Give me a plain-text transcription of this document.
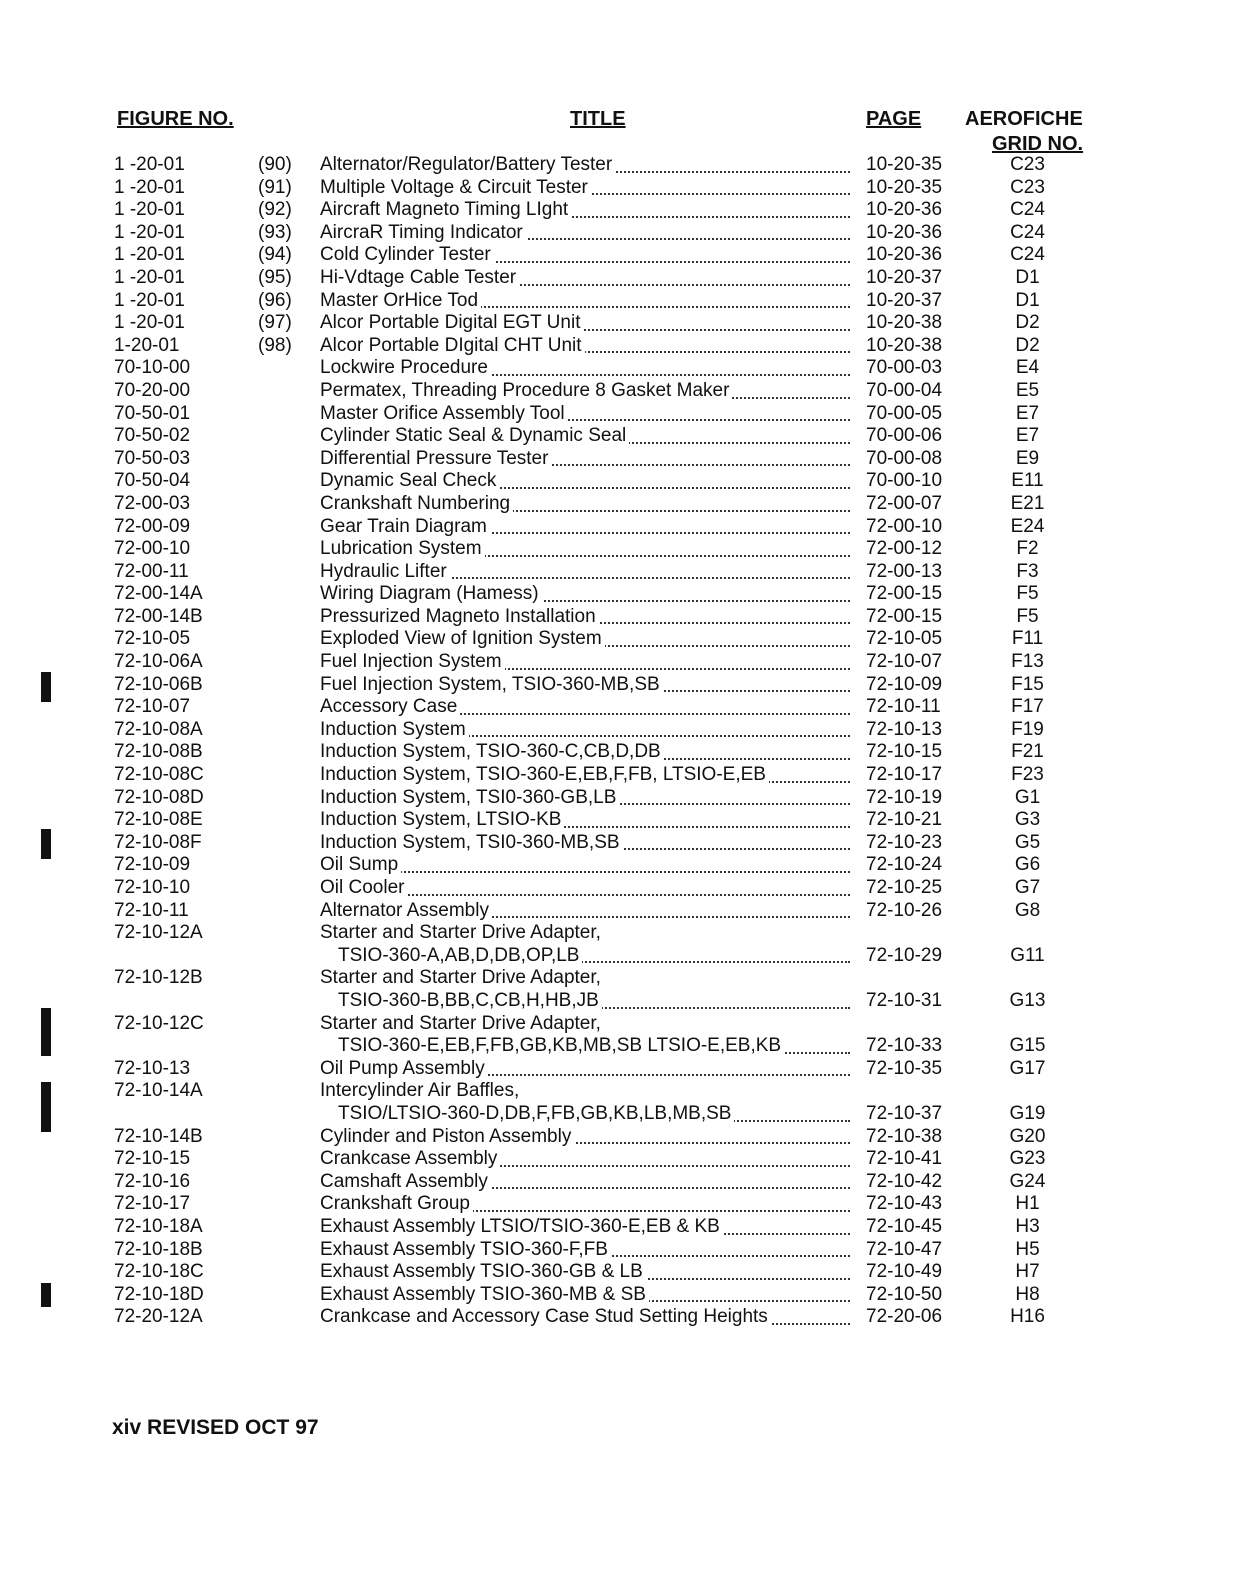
FIGURE NO.	TITLE	PAGE AEROFICHE
GRID NO.
1 -20-01	(90) Alternator/Regulator/Battery Tester	10-20-35	C23
1 -20-01	(91) Multiple Voltage & Circuit Tester	10-20-35	C23
1 -20-01	(92) Aircraft Magneto Timing LIght	10-20-36	C24
1 -20-01	(93) AircraR Timing Indicator	10-20-36	C24
1 -20-01	(94) Cold Cylinder Tester	10-20-36	C24
1 -20-01	(95) Hi-Vdtage Cable Tester	10-20-37	D1
1 -20-01	(96) Master OrHice Tod	10-20-37	D1
1 -20-01	(97) Alcor Portable Digital EGT Unit	10-20-38	D2
1-20-01	(98) Alcor Portable DIgital CHT Unit	10-20-38	D2
70-10-00	Lockwire Procedure	70-00-03	E4
70-20-00	Permatex, Threading Procedure 8 Gasket Maker	70-00-04	E5
70-50-01	Master Orifice Assembly Tool	70-00-05	E7
70-50-02	Cylinder Static Seal & Dynamic Seal	70-00-06	E7
70-50-03	Differential Pressure Tester	70-00-08	E9
70-50-04	Dynamic Seal Check	70-00-10	E11
72-00-03	Crankshaft Numbering	72-00-07	E21
72-00-09	Gear Train Diagram	72-00-10	E24
72-00-10	Lubrication System	72-00-12	F2
72-00-11	Hydraulic Lifter	72-00-13	F3
72-00-14A	Wiring Diagram (Hamess)	72-00-15	F5
72-00-14B	Pressurized Magneto Installation	72-00-15	F5
72-10-05	Exploded View of Ignition System	72-10-05	F11
72-10-06A	Fuel Injection System	72-10-07	F13
72-10-06B	Fuel Injection System, TSIO-360-MB,SB	72-10-09	F15
72-10-07	Accessory Case	72-10-11	F17
72-10-08A	Induction System	72-10-13	F19
72-10-08B	Induction System, TSIO-360-C,CB,D,DB	72-10-15	F21
72-10-08C	Induction System, TSIO-360-E,EB,F,FB, LTSIO-E,EB	72-10-17	F23
72-10-08D	Induction System, TSI0-360-GB,LB	72-10-19	G1
72-10-08E	Induction System, LTSIO-KB	72-10-21	G3
72-10-08F	Induction System, TSI0-360-MB,SB	72-10-23	G5
72-10-09	Oil Sump	72-10-24	G6
72-10-10	Oil Cooler	72-10-25	G7
72-10-11	Alternator Assembly	72-10-26	G8
72-10-12A	Starter and Starter Drive Adapter,
TSIO-360-A,AB,D,DB,OP,LB	72-10-29	G11
72-10-12B	Starter and Starter Drive Adapter,
TSIO-360-B,BB,C,CB,H,HB,JB	72-10-31	G13
72-10-12C	Starter and Starter Drive Adapter,
TSIO-360-E,EB,F,FB,GB,KB,MB,SB LTSIO-E,EB,KB	72-10-33	G15
72-10-13	Oil Pump Assembly	72-10-35	G17
72-10-14A	Intercylinder Air Baffles,
TSIO/LTSIO-360-D,DB,F,FB,GB,KB,LB,MB,SB	72-10-37	G19
72-10-14B	Cylinder and Piston Assembly	72-10-38	G20
72-10-15	Crankcase Assembly	72-10-41	G23
72-10-16	Camshaft Assembly	72-10-42	G24
72-10-17	Crankshaft Group	72-10-43	H1
72-10-18A	Exhaust Assembly LTSIO/TSIO-360-E,EB & KB	72-10-45	H3
72-10-18B	Exhaust Assembly TSIO-360-F,FB	72-10-47	H5
72-10-18C	Exhaust Assembly TSIO-360-GB & LB	72-10-49	H7
72-10-18D	Exhaust Assembly TSIO-360-MB & SB	72-10-50	H8
72-20-12A	Crankcase and Accessory Case Stud Setting Heights	72-20-06	H16
xiv REVISED OCT 97
